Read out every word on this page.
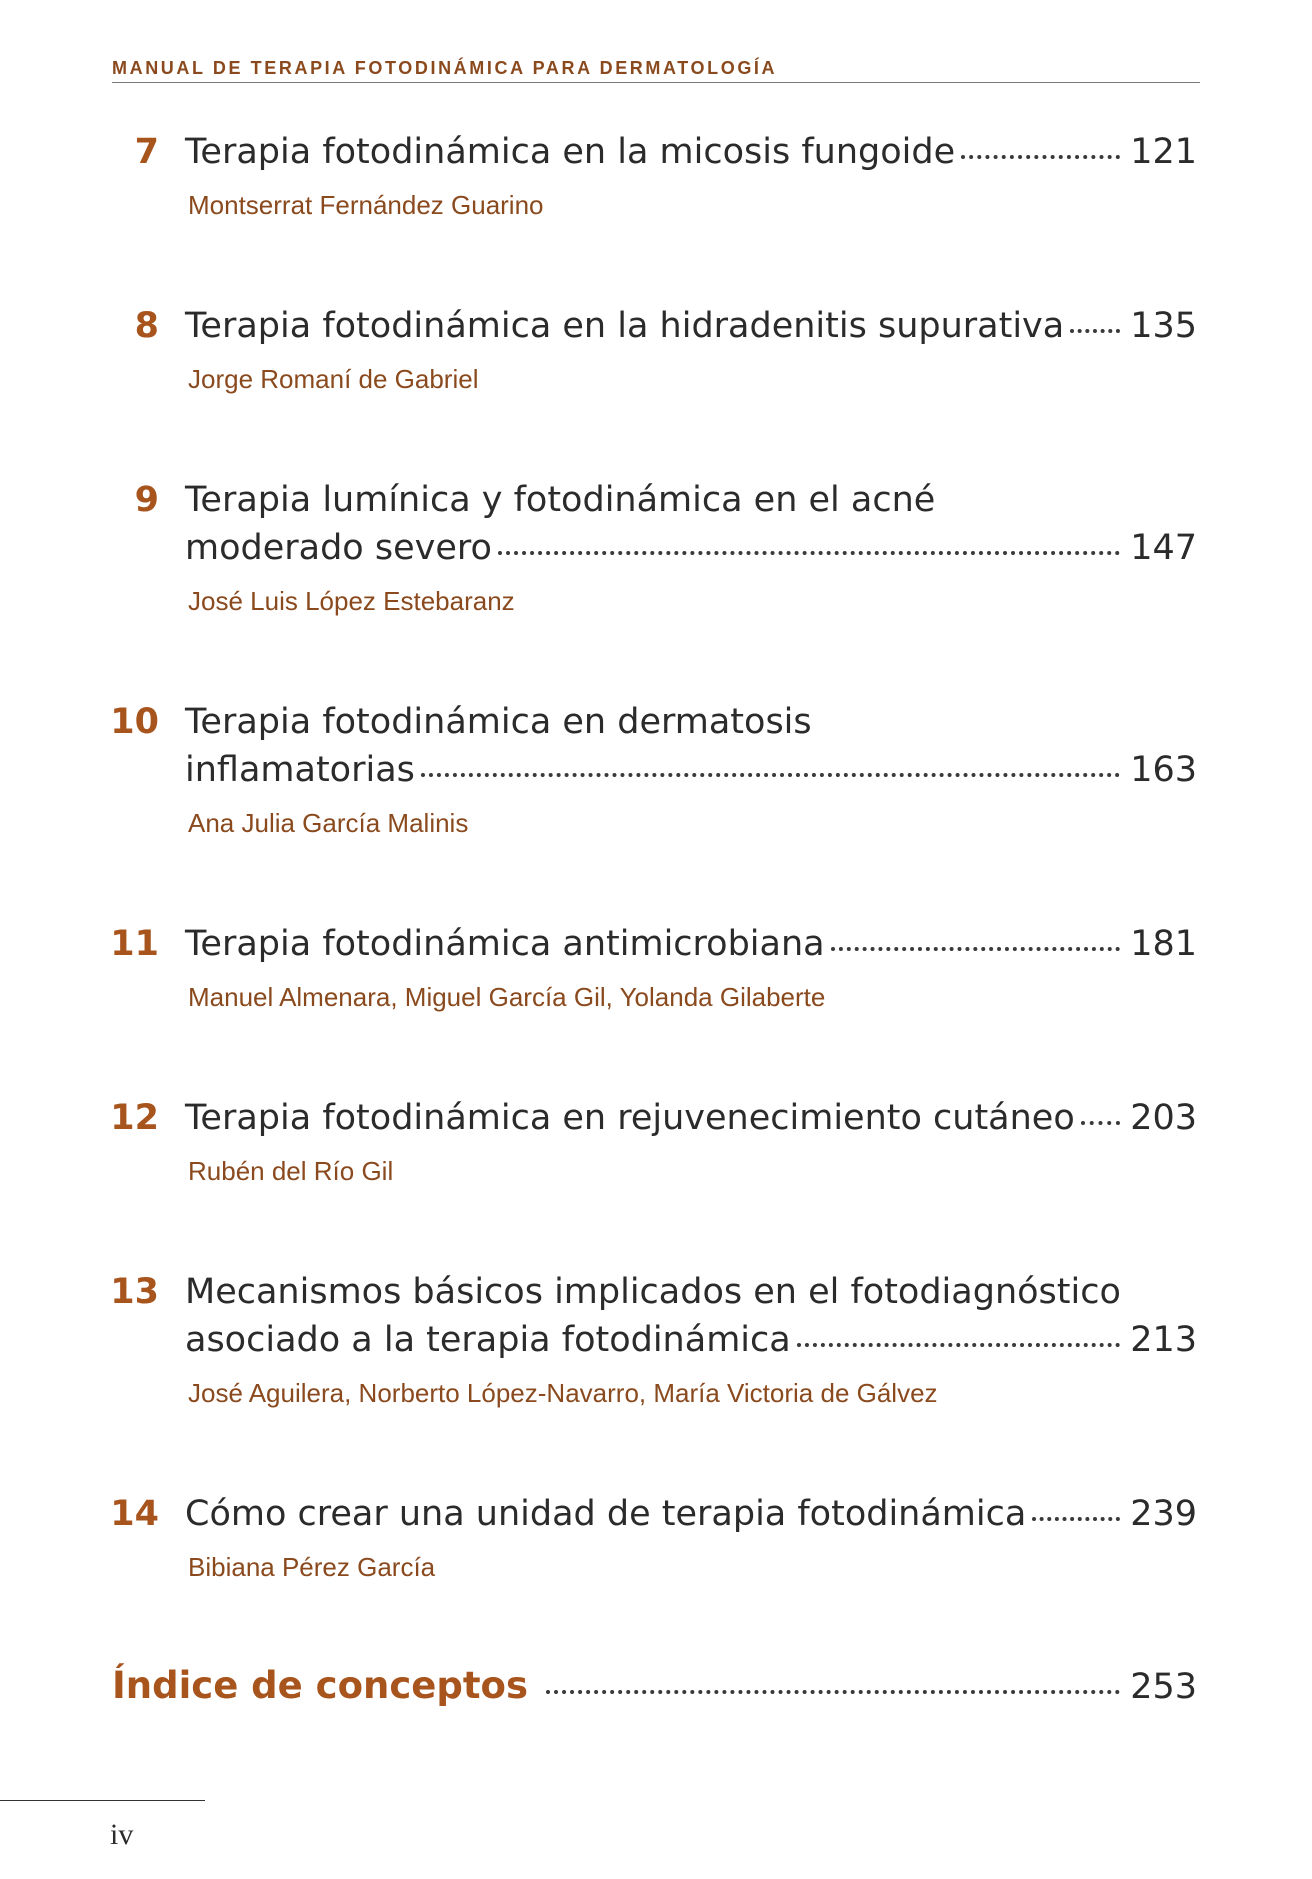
MANUAL DE TERAPIA FOTODINÁMICA PARA DERMATOLOGÍA
7 Terapia fotodinámica en la micosis fungoide	121
Montserrat Fernández Guarino
8 Terapia fotodinámica en la hidradenitis supurativa 135
Jorge Romaní de Gabriel
9 Terapia lumínica y fotodinámica en el acné
moderado severo	147
José Luis López Estebaranz
10 Terapia fotodinámica en dermatosis
inflamatorias	163
Ana Julia García Malinis
11 Terapia fotodinámica antimicrobiana	181
Manuel Almenara, Miguel García Gil, Yolanda Gilaberte
12 Terapia fotodinámica en rejuvenecimiento cutáneo 203
Rubén del Río Gil
13 Mecanismos básicos implicados en el fotodiagnóstico
asociado a la terapia fotodinámica	213
José Aguilera, Norberto López-Navarro, María Victoria de Gálvez
14 Cómo crear una unidad de terapia fotodinámica	239
Bibiana Pérez García
Índice de conceptos	253
iv
